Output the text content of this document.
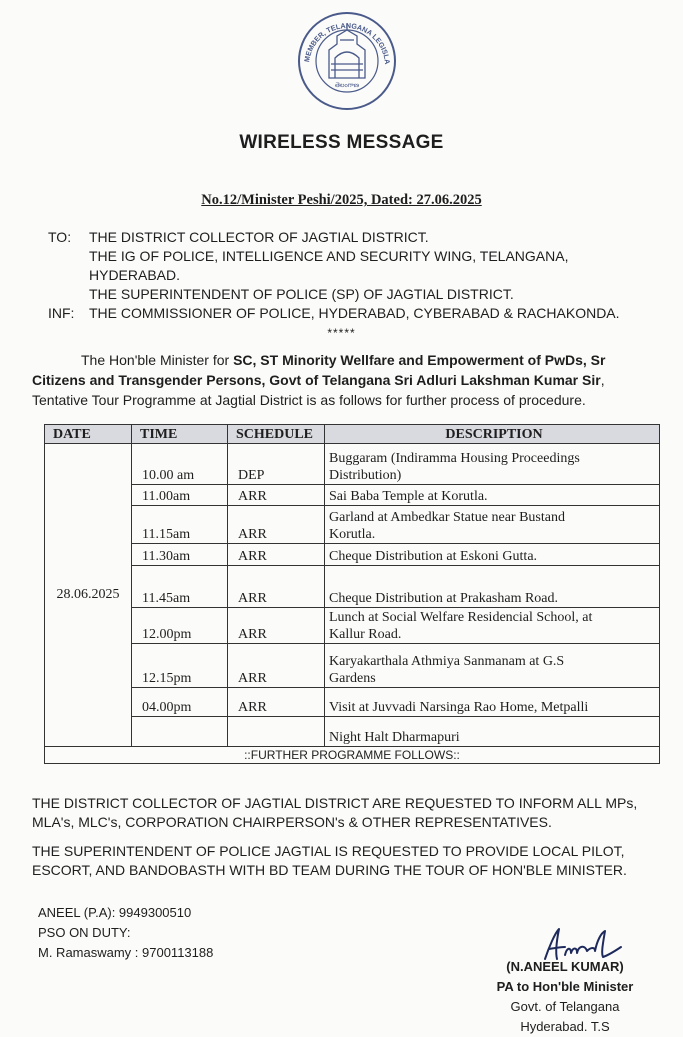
MEMBER, TELANGANA LEGISLA
తెలంగాణ
WIRELESS MESSAGE
No.12/Minister Peshi/2025, Dated: 27.06.2025
TO: THE DISTRICT COLLECTOR OF JAGTIAL DISTRICT.
THE IG OF POLICE, INTELLIGENCE AND SECURITY WING, TELANGANA,
HYDERABAD.
THE SUPERINTENDENT OF POLICE (SP) OF JAGTIAL DISTRICT.
INF: THE COMMISSIONER OF POLICE, HYDERABAD, CYBERABAD & RACHAKONDA.
*****
The Hon'ble Minister for SC, ST Minority Wellfare and Empowerment of PwDs, Sr Citizens and Transgender Persons, Govt of Telangana Sri Adluri Lakshman Kumar Sir, Tentative Tour Programme at Jagtial District is as follows for further process of procedure.
DATE	TIME	SCHEDULE	DESCRIPTION
28.06.2025	10.00 am	DEP	Buggaram (Indiramma Housing Proceedings
Distribution)
	11.00am	ARR	Sai Baba Temple at Korutla.
	11.15am	ARR	Garland at Ambedkar Statue near Bustand
Korutla.
	11.30am	ARR	Cheque Distribution at Eskoni Gutta.
	11.45am	ARR	Cheque Distribution at Prakasham Road.
	12.00pm	ARR	Lunch at Social Welfare Residencial School, at
Kallur Road.
	12.15pm	ARR	Karyakarthala Athmiya Sanmanam at G.S
Gardens
	04.00pm	ARR	Visit at Juvvadi Narsinga Rao Home, Metpalli
			Night Halt Dharmapuri
::FURTHER PROGRAMME FOLLOWS::			
THE DISTRICT COLLECTOR OF JAGTIAL DISTRICT ARE REQUESTED TO INFORM ALL MPs, MLA's, MLC's, CORPORATION CHAIRPERSON's & OTHER REPRESENTATIVES.
THE SUPERINTENDENT OF POLICE JAGTIAL IS REQUESTED TO PROVIDE LOCAL PILOT, ESCORT, AND BANDOBASTH WITH BD TEAM DURING THE TOUR OF HON'BLE MINISTER.
ANEEL (P.A): 9949300510
PSO ON DUTY:
M. Ramaswamy : 9700113188
(N.ANEEL KUMAR)
PA to Hon'ble Minister
Govt. of Telangana
Hyderabad. T.S
